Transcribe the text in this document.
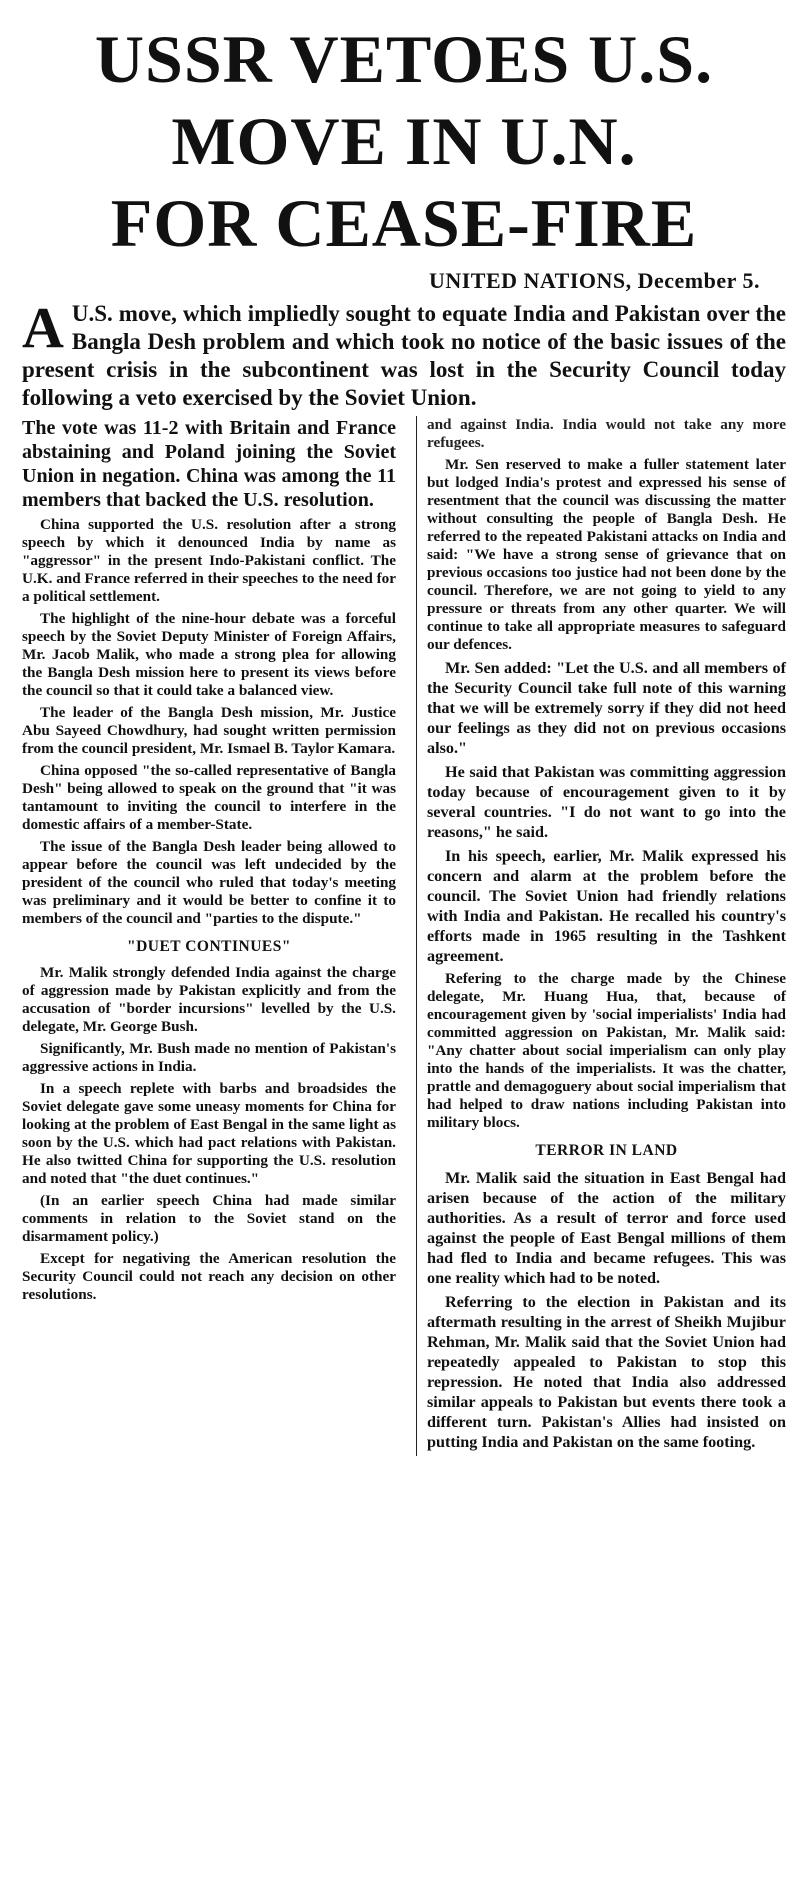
USSR VETOES U.S.
MOVE IN U.N.
FOR CEASE-FIRE
UNITED NATIONS, December 5.
A U.S. move, which impliedly sought to equate India and Pakistan over the Bangla Desh problem and which took no notice of the basic issues of the present crisis in the subcontinent was lost in the Security Council today following a veto exercised by the Soviet Union.

The vote was 11-2 with Britain and France abstaining and Poland joining the Soviet Union in negation. China was among the 11 members that backed the U.S. resolution.

China supported the U.S. resolution after a strong speech by which it denounced India by name as "aggressor" in the present Indo-Pakistani conflict. The U.K. and France referred in their speeches to the need for a political settlement.

The highlight of the nine-hour debate was a forceful speech by the Soviet Deputy Minister of Foreign Affairs, Mr. Jacob Malik, who made a strong plea for allowing the Bangla Desh mission here to present its views before the council so that it could take a balanced view.

The leader of the Bangla Desh mission, Mr. Justice Abu Sayeed Chowdhury, had sought written permission from the council president, Mr. Ismael B. Taylor Kamara.

China opposed "the so-called representative of Bangla Desh" being allowed to speak on the ground that "it was tantamount to inviting the council to interfere in the domestic affairs of a member-State.

The issue of the Bangla Desh leader being allowed to appear before the council was left undecided by the president of the council who ruled that today's meeting was preliminary and it would be better to confine it to members of the council and "parties to the dispute."

"DUET CONTINUES"

Mr. Malik strongly defended India against the charge of aggression made by Pakistan explicitly and from the accusation of "border incursions" levelled by the U.S. delegate, Mr. George Bush.

Significantly, Mr. Bush made no mention of Pakistan's aggressive actions in India.

In a speech replete with barbs and broadsides the Soviet delegate gave some uneasy moments for China for looking at the problem of East Bengal in the same light as soon by the U.S. which had pact relations with Pakistan. He also twitted China for supporting the U.S. resolution and noted that "the duet continues."

(In an earlier speech China had made similar comments in relation to the Soviet stand on the disarmament policy.)

Except for negativing the American resolution the Security Council could not reach any decision on other resolutions.

and against India. India would not take any more refugees.

Mr. Sen reserved to make a fuller statement later but lodged India's protest and expressed his sense of resentment that the council was discussing the matter without consulting the people of Bangla Desh. He referred to the repeated Pakistani attacks on India and said: "We have a strong sense of grievance that on previous occasions too justice had not been done by the council. Therefore, we are not going to yield to any pressure or threats from any other quarter. We will continue to take all appropriate measures to safeguard our defences.

Mr. Sen added: "Let the U.S. and all members of the Security Council take full note of this warning that we will be extremely sorry if they did not heed our feelings as they did not on previous occasions also."

He said that Pakistan was committing aggression today because of encouragement given to it by several countries. "I do not want to go into the reasons," he said.

In his speech, earlier, Mr. Malik expressed his concern and alarm at the problem before the council. The Soviet Union had friendly relations with India and Pakistan. He recalled his country's efforts made in 1965 resulting in the Tashkent agreement.

Refering to the charge made by the Chinese delegate, Mr. Huang Hua, that, because of encouragement given by 'social imperialists' India had committed aggression on Pakistan, Mr. Malik said: "Any chatter about social imperialism can only play into the hands of the imperialists. It was the chatter, prattle and demagoguery about social imperialism that had helped to draw nations including Pakistan into military blocs.

TERROR IN LAND

Mr. Malik said the situation in East Bengal had arisen because of the action of the military authorities. As a result of terror and force used against the people of East Bengal millions of them had fled to India and became refugees. This was one reality which had to be noted.

Referring to the election in Pakistan and its aftermath resulting in the arrest of Sheikh Mujibur Rehman, Mr. Malik said that the Soviet Union had repeatedly appealed to Pakistan to stop this repression. He noted that India also addressed similar appeals to Pakistan but events there took a different turn. Pakistan's Allies had insisted on putting India and Pakistan on the same footing.
